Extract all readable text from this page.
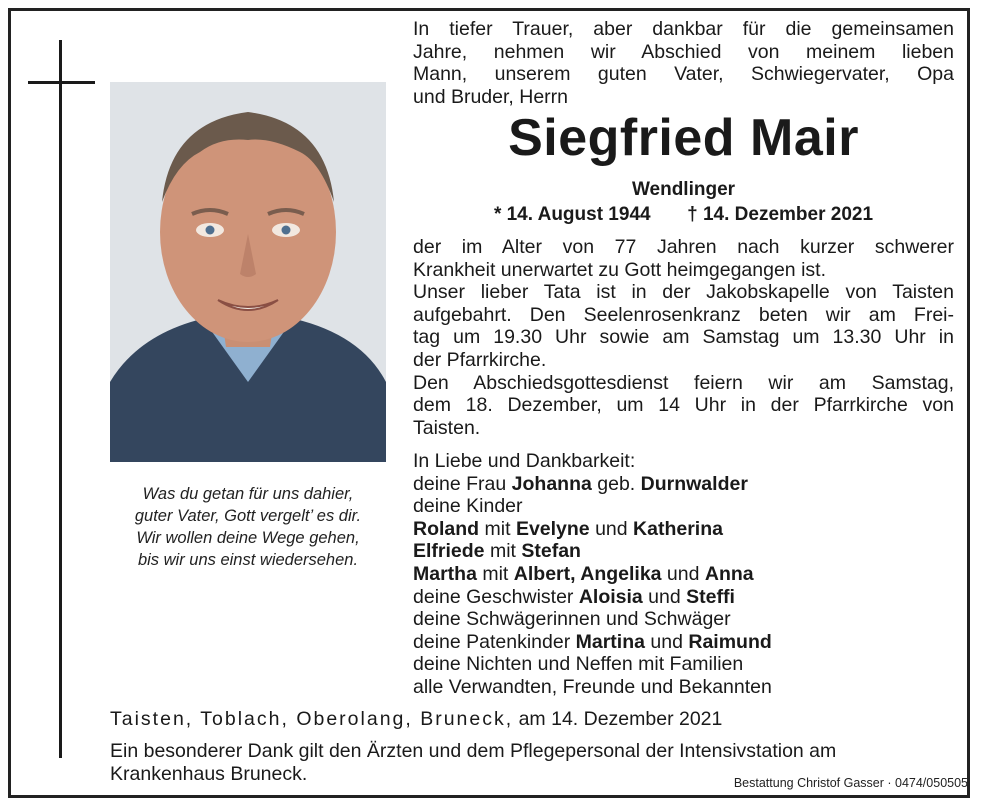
Was du getan für uns dahier,
guter Vater, Gott vergelt’ es dir.
Wir wollen deine Wege gehen,
bis wir uns einst wiedersehen.
In tiefer Trauer, aber dankbar für die gemeinsamen
Jahre, nehmen wir Abschied von meinem lieben
Mann, unserem guten Vater, Schwiegervater, Opa
und Bruder, Herrn
Siegfried Mair
Wendlinger
* 14. August 1944 † 14. Dezember 2021
der im Alter von 77 Jahren nach kurzer schwerer
Krankheit unerwartet zu Gott heimgegangen ist.
Unser lieber Tata ist in der Jakobskapelle von Taisten
aufgebahrt. Den Seelenrosenkranz beten wir am Frei-
tag um 19.30 Uhr sowie am Samstag um 13.30 Uhr in
der Pfarrkirche.
Den Abschiedsgottesdienst feiern wir am Samstag,
dem 18. Dezember, um 14 Uhr in der Pfarrkirche von
Taisten.
In Liebe und Dankbarkeit:
deine Frau Johanna geb. Durnwalder
deine Kinder
Roland mit Evelyne und Katherina
Elfriede mit Stefan
Martha mit Albert, Angelika und Anna
deine Geschwister Aloisia und Steffi
deine Schwägerinnen und Schwäger
deine Patenkinder Martina und Raimund
deine Nichten und Neffen mit Familien
alle Verwandten, Freunde und Bekannten
Taisten, Toblach, Oberolang, Bruneck, am 14. Dezember 2021
Ein besonderer Dank gilt den Ärzten und dem Pflegepersonal der Intensivstation am
Krankenhaus Bruneck.	Bestattung Christof Gasser · 0474/050505
